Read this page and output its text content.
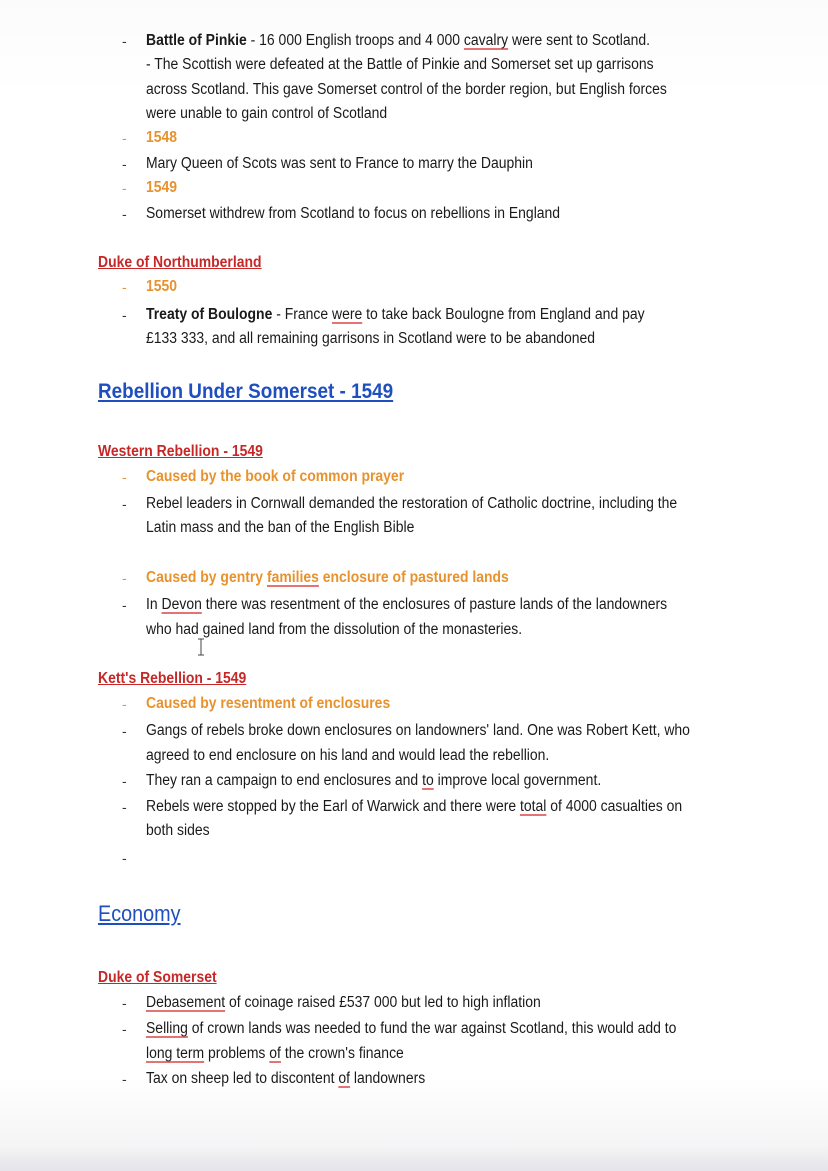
- Battle of Pinkie - 16 000 English troops and 4 000 cavalry were sent to Scotland.
- The Scottish were defeated at the Battle of Pinkie and Somerset set up garrisons
across Scotland. This gave Somerset control of the border region, but English forces
were unable to gain control of Scotland
- 1548
- Mary Queen of Scots was sent to France to marry the Dauphin
- 1549
- Somerset withdrew from Scotland to focus on rebellions in England
Duke of Northumberland
- 1550
- Treaty of Boulogne - France were to take back Boulogne from England and pay
£133 333, and all remaining garrisons in Scotland were to be abandoned
Rebellion Under Somerset - 1549
Western Rebellion - 1549
- Caused by the book of common prayer
- Rebel leaders in Cornwall demanded the restoration of Catholic doctrine, including the
Latin mass and the ban of the English Bible
- Caused by gentry families enclosure of pastured lands
- In Devon there was resentment of the enclosures of pasture lands of the landowners
who had gained land from the dissolution of the monasteries.
Kett's Rebellion - 1549
- Caused by resentment of enclosures
- Gangs of rebels broke down enclosures on landowners' land. One was Robert Kett, who
agreed to end enclosure on his land and would lead the rebellion.
- They ran a campaign to end enclosures and to improve local government.
- Rebels were stopped by the Earl of Warwick and there were total of 4000 casualties on
both sides
-
Economy
Duke of Somerset
- Debasement of coinage raised £537 000 but led to high inflation
- Selling of crown lands was needed to fund the war against Scotland, this would add to
long term problems of the crown's finance
- Tax on sheep led to discontent of landowners
